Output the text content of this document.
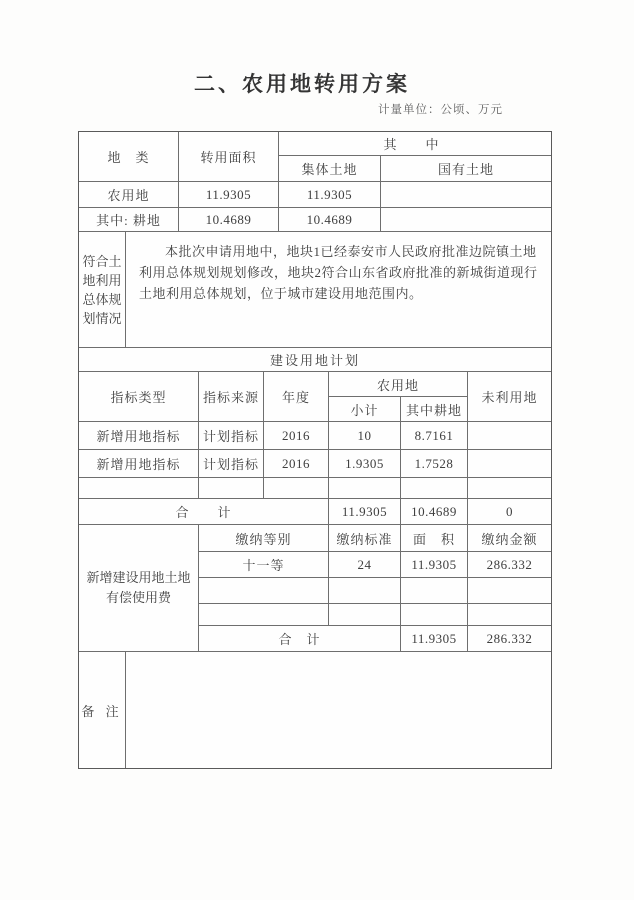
二、农用地转用方案
计量单位：公顷、万元
地　类	转用面积
其　中
集体土地	国有土地
农用地	11.9305	11.9305
其中: 耕地	10.4689	10.4689
符合土
地利用
总体规
划情况
本批次申请用地中，地块1已经泰安市人民政府批准边院镇土地利用总体规划规划修改，地块2符合山东省政府批准的新城街道现行土地利用总体规划，位于城市建设用地范围内。
建设用地计划
指标类型	指标来源	年度
农用地
未利用地
小计	其中耕地
新增用地指标	计划指标	2016	10	8.7161
新增用地指标	计划指标	2016	1.9305	1.7528
合　　计	11.9305	10.4689	0
新增建设用地土地
有偿使用费
缴纳等别	缴纳标准	面　积	缴纳金额
十一等	24	11.9305	286.332
合　计	11.9305	286.332
备 注
